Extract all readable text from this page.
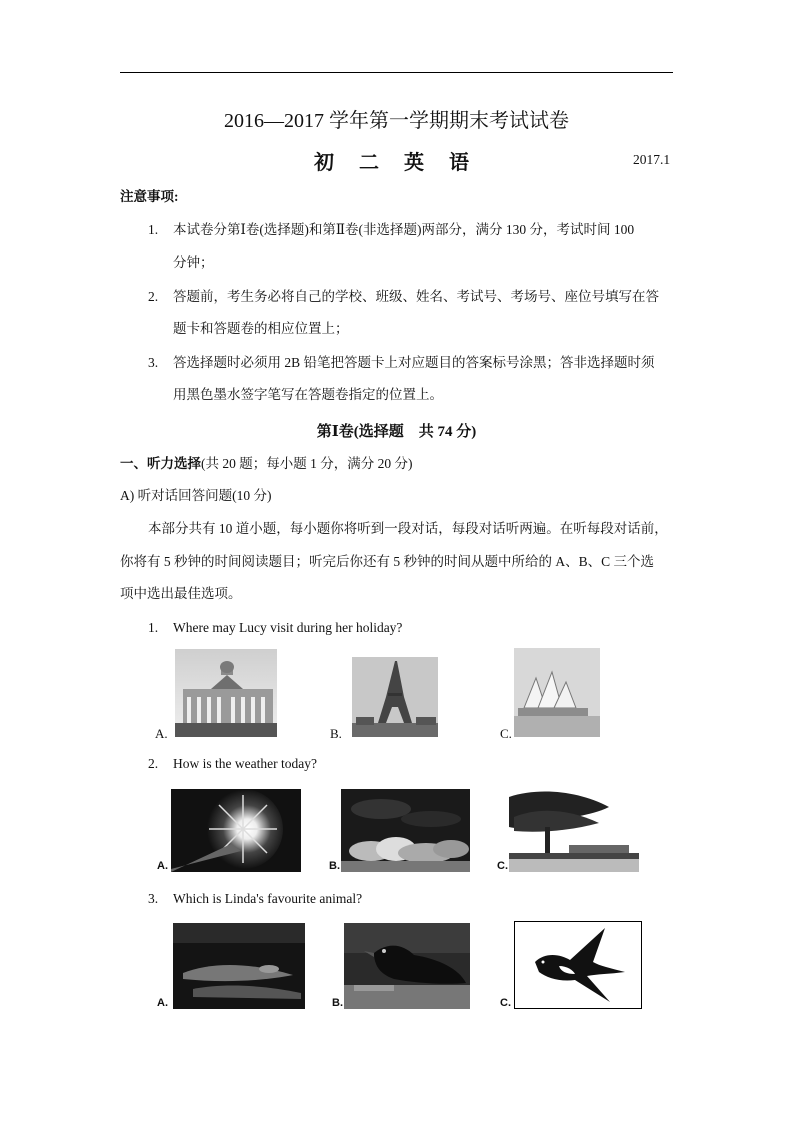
2016—2017 学年第一学期期末考试试卷
初 二 英 语	2017.1
注意事项:
1. 本试卷分第Ⅰ卷(选择题)和第Ⅱ卷(非选择题)两部分，满分 130 分，考试时间 100
分钟；
2. 答题前，考生务必将自己的学校、班级、姓名、考试号、考场号、座位号填写在答
题卡和答题卷的相应位置上；
3. 答选择题时必须用 2B 铅笔把答题卡上对应题目的答案标号涂黑；答非选择题时须
用黑色墨水签字笔写在答题卷指定的位置上。
第Ⅰ卷(选择题　共 74 分)
一、听力选择(共 20 题；每小题 1 分，满分 20 分)
A) 听对话回答问题(10 分)
本部分共有 10 道小题，每小题你将听到一段对话，每段对话听两遍。在听每段对话前，
你将有 5 秒钟的时间阅读题目；听完后你还有 5 秒钟的时间从题中所给的 A、B、C 三个选
项中选出最佳选项。
1. Where may Lucy visit during her holiday?
A.	B.	C.
2. How is the weather today?
A.	B.	C.
3. Which is Linda's favourite animal?
A.	B.	C.
